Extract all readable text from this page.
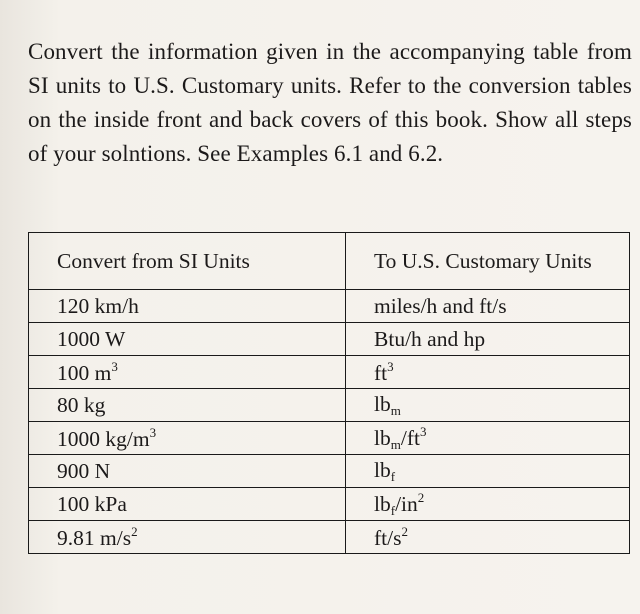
Convert the information given in the accompanying table from SI units to U.S. Customary units. Refer to the conversion tables on the inside front and back covers of this book. Show all steps of your solntions. See Examples 6.1 and 6.2.

Convert from SI Units	To U.S. Customary Units
120 km/h	miles/h and ft/s
1000 W	Btu/h and hp
100 $m^3$	$ft^3$
80 kg	$lb_m$
1000 $kg/m^3$	$lb_m/ft^3$
900 N	$lb_f$
100 kPa	$lb_f/in^2$
9.81 $m/s^2$	$ft/s^2$
